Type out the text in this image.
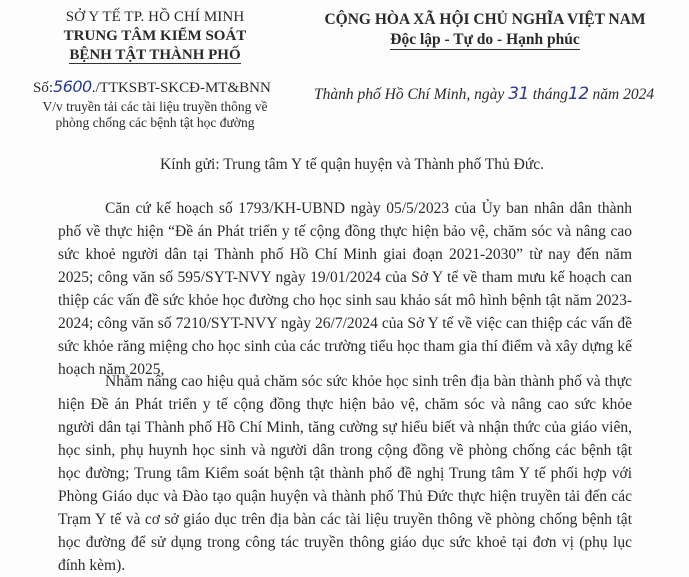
SỞ Y TẾ TP. HỒ CHÍ MINH
TRUNG TÂM KIỂM SOÁT
BỆNH TẬT THÀNH PHỐ
Số:5600./TTKSBT-SKCĐ-MT&BNN
V/v truyền tải các tài liệu truyền thông về
phòng chống các bệnh tật học đường
CỘNG HÒA XÃ HỘI CHỦ NGHĨA VIỆT NAM
Độc lập - Tự do - Hạnh phúc
Thành phố Hồ Chí Minh, ngày 31 tháng12 năm 2024
Kính gửi: Trung tâm Y tế quận huyện và Thành phố Thủ Đức.

Căn cứ kế hoạch số 1793/KH-UBND ngày 05/5/2023 của Ủy ban nhân dân thành phố về thực hiện “Đề án Phát triển y tế cộng đồng thực hiện bảo vệ, chăm sóc và nâng cao sức khoẻ người dân tại Thành phố Hồ Chí Minh giai đoạn 2021-2030” từ nay đến năm 2025; công văn số 595/SYT-NVY ngày 19/01/2024 của Sở Y tế về tham mưu kế hoạch can thiệp các vấn đề sức khỏe học đường cho học sinh sau khảo sát mô hình bệnh tật năm 2023-2024; công văn số 7210/SYT-NVY ngày 26/7/2024 của Sở Y tế về việc can thiệp các vấn đề sức khỏe răng miệng cho học sinh của các trường tiểu học tham gia thí điểm và xây dựng kế hoạch năm 2025,

Nhằm nâng cao hiệu quả chăm sóc sức khỏe học sinh trên địa bàn thành phố và thực hiện Đề án Phát triển y tế cộng đồng thực hiện bảo vệ, chăm sóc và nâng cao sức khỏe người dân tại Thành phố Hồ Chí Minh, tăng cường sự hiểu biết và nhận thức của giáo viên, học sinh, phụ huynh học sinh và người dân trong cộng đồng về phòng chống các bệnh tật học đường; Trung tâm Kiểm soát bệnh tật thành phố đề nghị Trung tâm Y tế phối hợp với Phòng Giáo dục và Đào tạo quận huyện và thành phố Thủ Đức thực hiện truyền tải đến các Trạm Y tế và cơ sở giáo dục trên địa bàn các tài liệu truyền thông về phòng chống bệnh tật học đường để sử dụng trong công tác truyền thông giáo dục sức khoẻ tại đơn vị (phụ lục đính kèm).
